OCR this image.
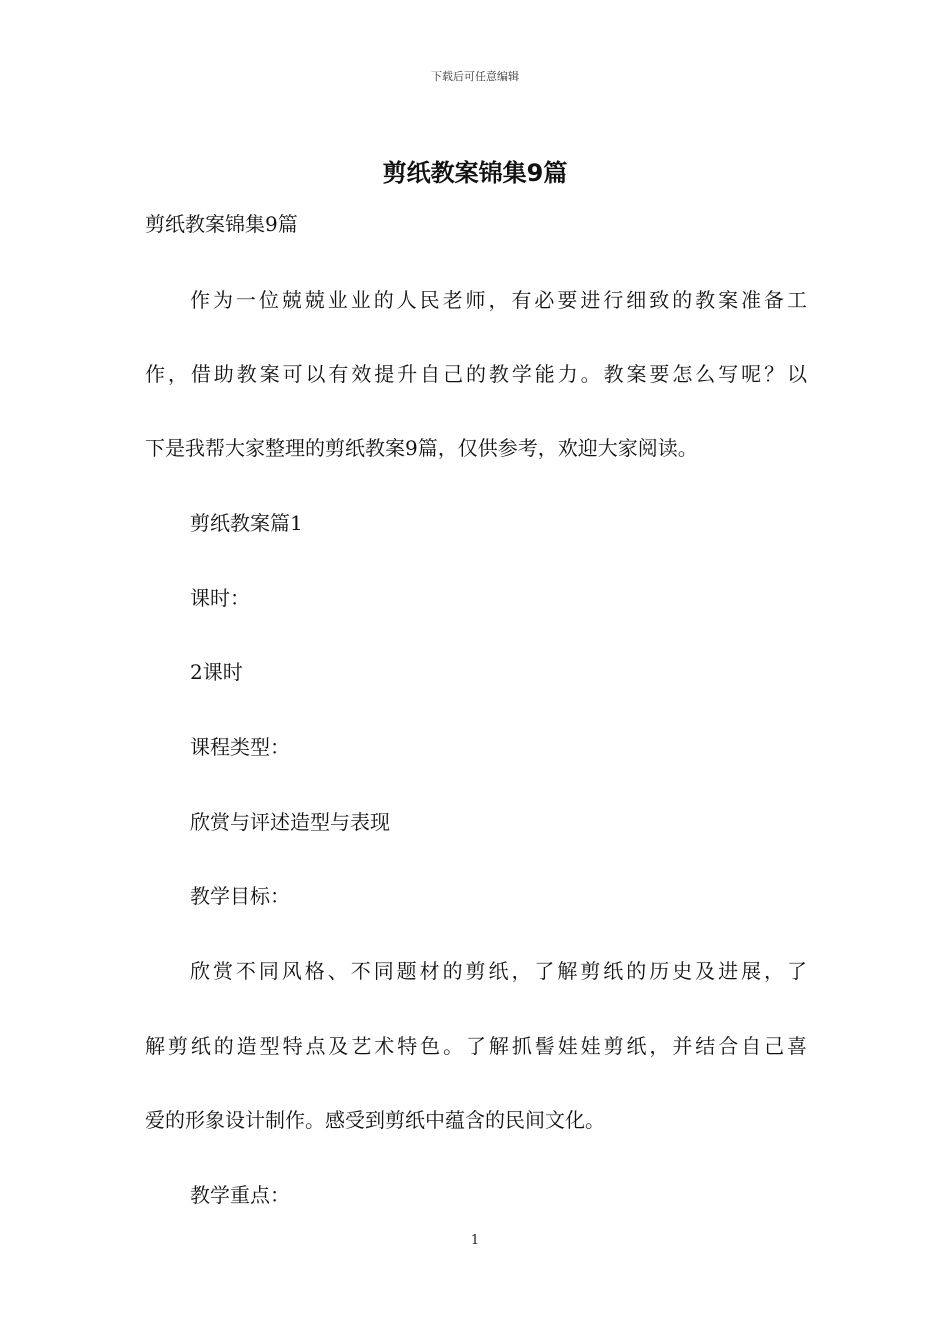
下载后可任意编辑
剪纸教案锦集9篇
剪纸教案锦集9篇
作为一位兢兢业业的人民老师，有必要进行细致的教案准备工
作，借助教案可以有效提升自己的教学能力。教案要怎么写呢？以
下是我帮大家整理的剪纸教案9篇，仅供参考，欢迎大家阅读。
剪纸教案篇1
课时：
2课时
课程类型：
欣赏与评述造型与表现
教学目标：
欣赏不同风格、不同题材的剪纸，了解剪纸的历史及进展，了
解剪纸的造型特点及艺术特色。了解抓髻娃娃剪纸，并结合自己喜
爱的形象设计制作。感受到剪纸中蕴含的民间文化。
教学重点：
1
